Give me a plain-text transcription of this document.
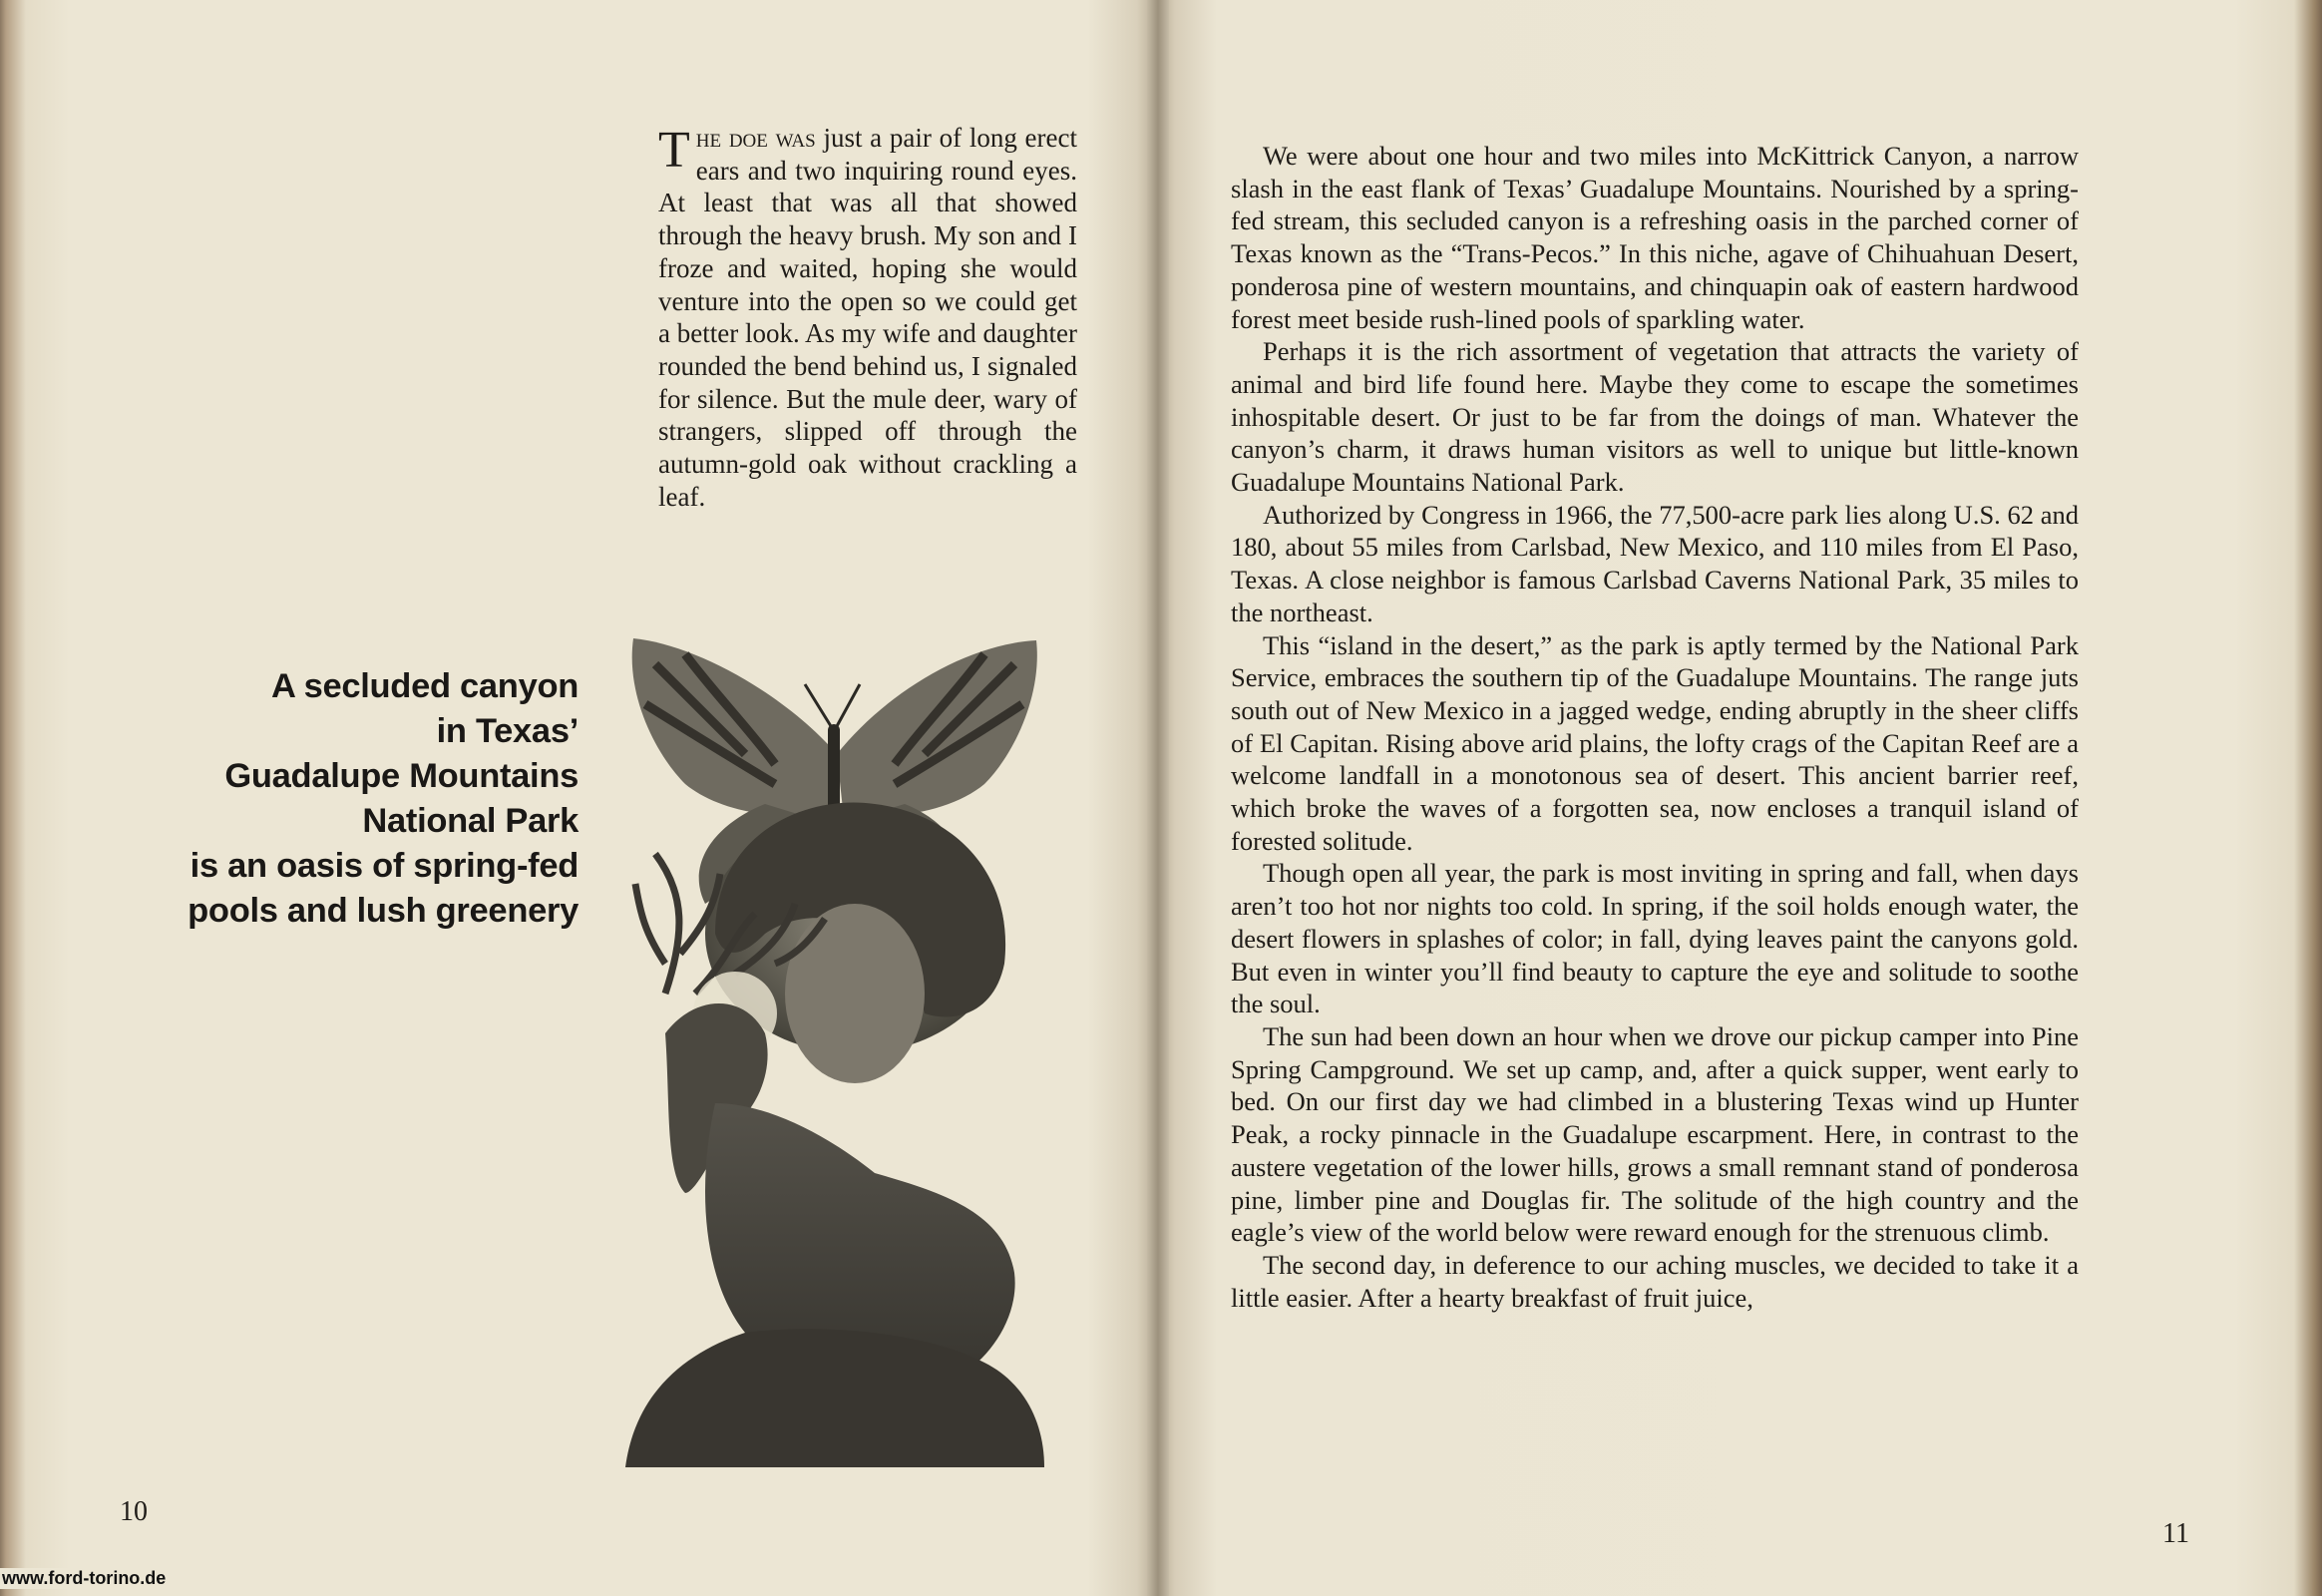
The doe was just a pair of long erect ears and two inquiring round eyes. At least that was all that showed through the heavy brush. My son and I froze and waited, hoping she would venture into the open so we could get a better look. As my wife and daughter rounded the bend behind us, I signaled for silence. But the mule deer, wary of strangers, slipped off through the autumn-gold oak without crackling a leaf.
A secluded canyon
in Texas’
Guadalupe Mountains
National Park
is an oasis of spring-fed
pools and lush greenery
10

We were about one hour and two miles into McKittrick Canyon, a narrow slash in the east flank of Texas’ Guadalupe Mountains. Nourished by a spring-fed stream, this secluded canyon is a refreshing oasis in the parched corner of Texas known as the “Trans-Pecos.” In this niche, agave of Chihuahuan Desert, ponderosa pine of western mountains, and chinquapin oak of eastern hardwood forest meet beside rush-lined pools of sparkling water.

Perhaps it is the rich assortment of vegetation that attracts the variety of animal and bird life found here. Maybe they come to escape the sometimes inhospitable desert. Or just to be far from the doings of man. Whatever the canyon’s charm, it draws human visitors as well to unique but little-known Guadalupe Mountains National Park.

Authorized by Congress in 1966, the 77,500-acre park lies along U.S. 62 and 180, about 55 miles from Carlsbad, New Mexico, and 110 miles from El Paso, Texas. A close neighbor is famous Carlsbad Caverns National Park, 35 miles to the northeast.

This “island in the desert,” as the park is aptly termed by the National Park Service, embraces the southern tip of the Guadalupe Mountains. The range juts south out of New Mexico in a jagged wedge, ending abruptly in the sheer cliffs of El Capitan. Rising above arid plains, the lofty crags of the Capitan Reef are a welcome landfall in a monotonous sea of desert. This ancient barrier reef, which broke the waves of a forgotten sea, now encloses a tranquil island of forested solitude.

Though open all year, the park is most inviting in spring and fall, when days aren’t too hot nor nights too cold. In spring, if the soil holds enough water, the desert flowers in splashes of color; in fall, dying leaves paint the canyons gold. But even in winter you’ll find beauty to capture the eye and solitude to soothe the soul.

The sun had been down an hour when we drove our pickup camper into Pine Spring Campground. We set up camp, and, after a quick supper, went early to bed. On our first day we had climbed in a blustering Texas wind up Hunter Peak, a rocky pinnacle in the Guadalupe escarpment. Here, in contrast to the austere vegetation of the lower hills, grows a small remnant stand of ponderosa pine, limber pine and Douglas fir. The solitude of the high country and the eagle’s view of the world below were reward enough for the strenuous climb.

The second day, in deference to our aching muscles, we decided to take it a little easier. After a hearty breakfast of fruit juice,

11
www.ford-torino.de
